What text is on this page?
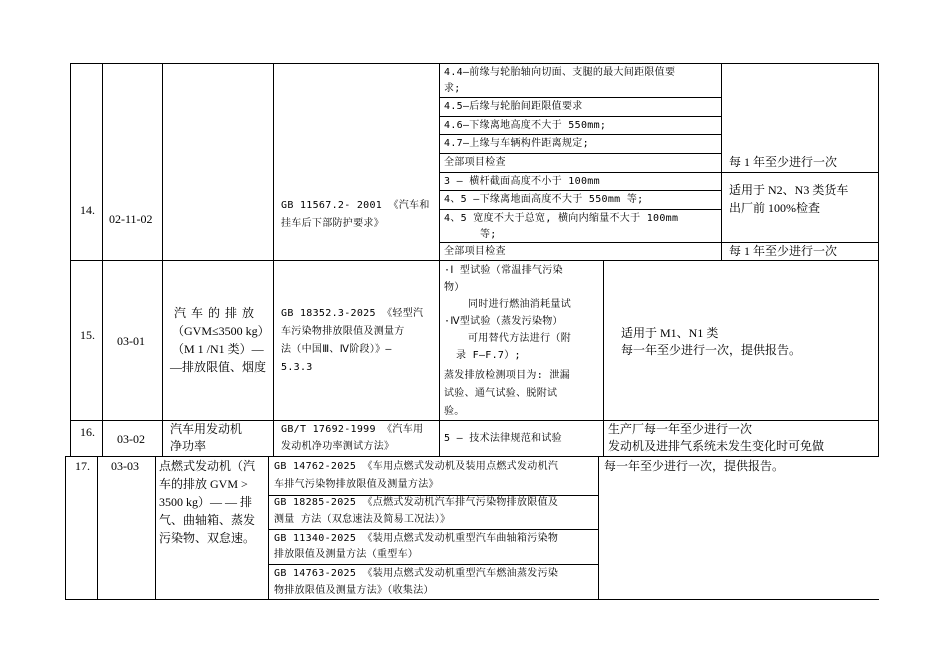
14.
02-11-02
GB 11567.2- 2001 《汽车和
挂车后下部防护要求》
4.4–前缘与轮胎轴向切面、支腿的最大间距限值要
求;
4.5–后缘与轮胎间距限值要求
4.6–下缘离地高度不大于 550mm;
4.7–上缘与车辆构件距离规定;
全部项目检查	每 1 年至少进行一次
3 – 横杆截面高度不小于 100mm
4、5 –下缘离地面高度不大于 550mm 等;
4、5 宽度不大于总宽, 横向内缩量不大于 100mm
等;
适用于 N2、N3 类货车
出厂前 100%检查
全部项目检查	每 1 年至少进行一次
15. 03-01
汽 车 的 排 放
（GVM≤3500 kg）
（M 1 /N1 类）—
—排放限值、烟度
GB 18352.3-2025 《轻型汽
车污染物排放限值及测量方
法（中国Ⅲ、Ⅳ阶段）》–
5.3.3
·Ⅰ 型试验（常温排气污染
物）
同时进行燃油消耗量试
·Ⅳ型试验（蒸发污染物）
可用替代方法进行（附
录 F–F.7）;
蒸发排放检测项目为: 泄漏
试验、通气试验、脱附试
验。
适用于 M1、N1 类
每一年至少进行一次，提供报告。
16. 03-02
汽车用发动机
净功率
GB/T 17692-1999 《汽车用
发动机净功率测试方法》
5 – 技术法律规范和试验
生产厂每一年至少进行一次
发动机及进排气系统未发生变化时可免做
17. 03-03 点燃式发动机（汽
车的排放 GVM >
3500 kg）— — 排
气、曲轴箱、蒸发
污染物、双怠速。
GB 14762-2025 《车用点燃式发动机及装用点燃式发动机汽
车排气污染物排放限值及测量方法》
GB 18285-2025 《点燃式发动机汽车排气污染物排放限值及
测量 方法（双怠速法及简易工况法）》
GB 11340-2025 《装用点燃式发动机重型汽车曲轴箱污染物
排放限值及测量方法（重型车）
GB 14763-2025 《装用点燃式发动机重型汽车燃油蒸发污染
物排放限值及测量方法》（收集法）
每一年至少进行一次，提供报告。
